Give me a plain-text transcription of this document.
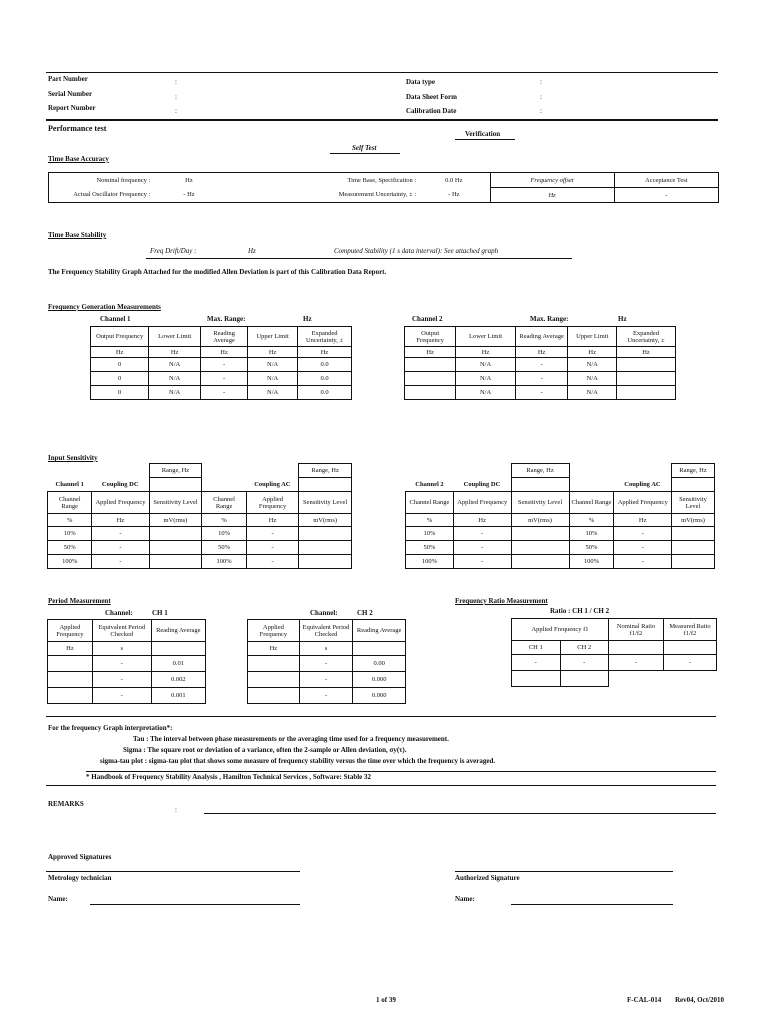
Part Number	:
Serial Number	:
Report Number	:
Data type	:
Data Sheet Form	:
Calibration Date	:
Performance test
Verification
Self Test
Time Base Accuracy
Nominal frequency :	Hz	Time Base, Specification :	0.0 Hz	Frequency offset	Acceptance Test
Actual Oscillator Frequency :	- Hz	Measurement Uncertainty, ± :	- Hz	Hz	-
Time Base Stability
Freq Drift/Day :	Hz	Computed Stability (1 s data interval): See attached graph
The Frequency Stability Graph Attached for the modified Allen Deviation is part of this Calibration Data Report.
Frequency Generation Measurements
Channel 1	Max. Range:	Hz	Channel 2	Max. Range:	Hz
Output Frequency	Lower Limit	Reading Average	Upper Limit	Expanded Uncertainty, ±
Hz	Hz	Hz	Hz	Hz
0	N/A	-	N/A	0.0
0	N/A	-	N/A	0.0
0	N/A	-	N/A	0.0
Output Frequency	Lower Limit	Reading Average	Upper Limit	Expanded Uncertainty, ±
Hz	Hz	Hz	Hz	Hz
	N/A	-	N/A	
	N/A	-	N/A	
	N/A	-	N/A	
Input Sensitivity
		Range, Hz			Range, Hz
Channel 1	Coupling DC			Coupling AC	
Channel Range	Applied Frequency	Sensitivity Level	Channel Range	Applied Frequency	Sensitivity Level
%	Hz	mV(rms)	%	Hz	mV(rms)
10%	-		10%	-	
50%	-		50%	-	
100%	-		100%	-	
		Range, Hz			Range, Hz
Channel 2	Coupling DC			Coupling AC	
Channel Range	Applied Frequency	Sensitivity Level	Channel Range	Applied Frequency	Sensitivity Level
%	Hz	mV(rms)	%	Hz	mV(rms)
10%	-		10%	-	
50%	-		50%	-	
100%	-		100%	-	
Period Measurement
Channel:	CH 1	Channel:	CH 2
Applied Frequency	Equivalent Period Checked	Reading Average
Hz	s	
	-	0.01
	-	0.002
	-	0.001
Applied Frequency	Equivalent Period Checked	Reading Average
Hz	s	
	-	0.00
	-	0.000
	-	0.000
Frequency Ratio Measurement
Ratio : CH 1 / CH 2
Applied Frequency f1		Nominal Ratio f1/f2	Measured Ratio f1/f2
CH 1	CH 2		
-	-	-	-

For the frequency Graph interpretation*:
Tau : The interval between phase measurements or the averaging time used for a frequency measurement.
Sigma : The square root or deviation of a variance, often the 2-sample or Allen deviation, σy(τ).
sigma-tau plot : sigma-tau plot that shows some measure of frequency stability versus the time over which the frequency is averaged.
* Handbook of Frequency Stability Analysis , Hamilton Technical Services , Software: Stable 32
REMARKS
:
Approved Signatures
Metrology technician	Authorized Signature
Name:	Name:
1 of 39	F-CAL-014 Rev04, Oct/2010
